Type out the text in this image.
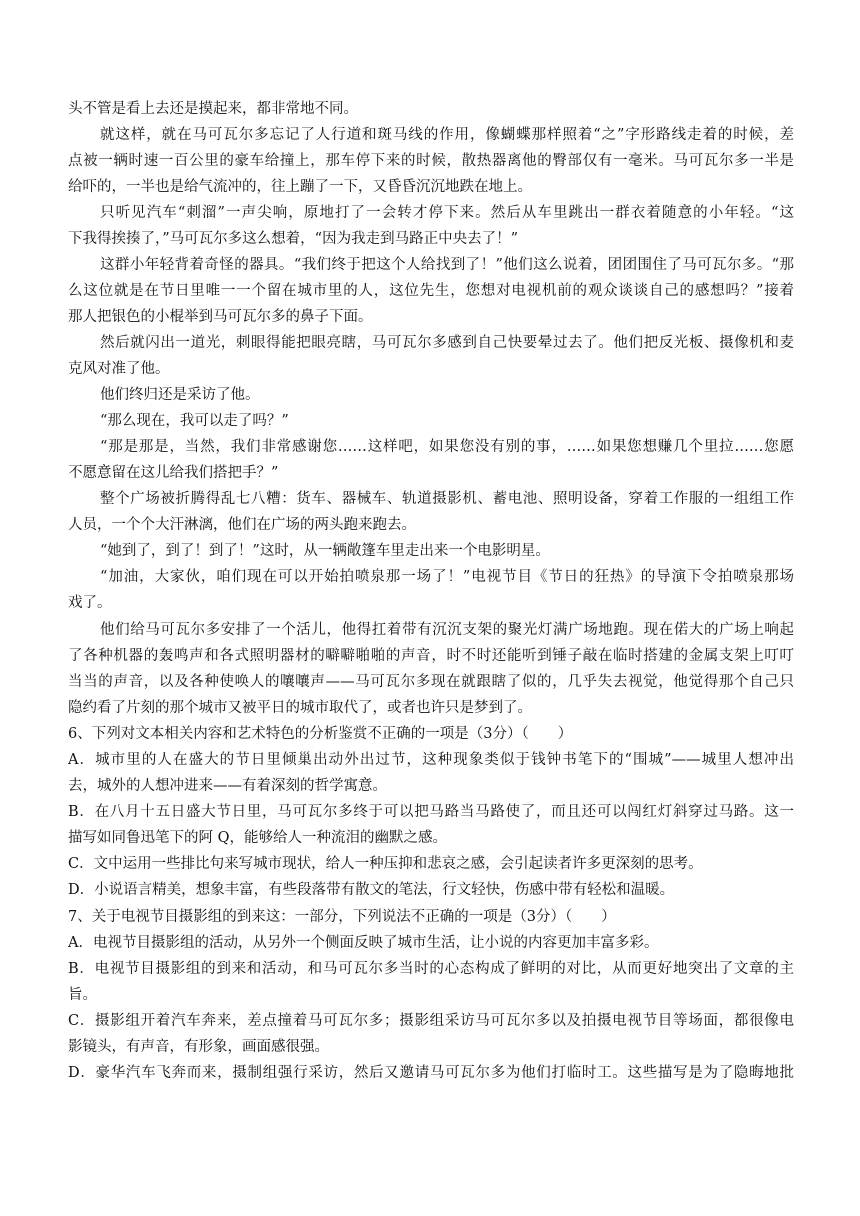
头不管是看上去还是摸起来，都非常地不同。
就这样，就在马可瓦尔多忘记了人行道和斑马线的作用，像蝴蝶那样照着“之”字形路线走着的时候，差
点被一辆时速一百公里的豪车给撞上，那车停下来的时候，散热器离他的臀部仅有一毫米。马可瓦尔多一半是
给吓的，一半也是给气流冲的，往上蹦了一下，又昏昏沉沉地跌在地上。
只听见汽车“刺溜”一声尖响，原地打了一会转才停下来。然后从车里跳出一群衣着随意的小年轻。“这
下我得挨揍了，”马可瓦尔多这么想着，“因为我走到马路正中央去了！”
这群小年轻背着奇怪的器具。“我们终于把这个人给找到了！”他们这么说着，团团围住了马可瓦尔多。“那
么这位就是在节日里唯一一个留在城市里的人，这位先生，您想对电视机前的观众谈谈自己的感想吗？”接着
那人把银色的小棍举到马可瓦尔多的鼻子下面。
然后就闪出一道光，刺眼得能把眼亮瞎，马可瓦尔多感到自己快要晕过去了。他们把反光板、摄像机和麦
克风对准了他。
他们终归还是采访了他。
“那么现在，我可以走了吗？”
“那是那是，当然，我们非常感谢您……这样吧，如果您没有别的事，……如果您想赚几个里拉……您愿
不愿意留在这儿给我们搭把手？”
整个广场被折腾得乱七八糟：货车、器械车、轨道摄影机、蓄电池、照明设备，穿着工作服的一组组工作
人员，一个个大汗淋漓，他们在广场的两头跑来跑去。
“她到了，到了！到了！”这时，从一辆敞篷车里走出来一个电影明星。
“加油，大家伙，咱们现在可以开始拍喷泉那一场了！”电视节目《节日的狂热》的导演下令拍喷泉那场
戏了。
他们给马可瓦尔多安排了一个活儿，他得扛着带有沉沉支架的聚光灯满广场地跑。现在偌大的广场上响起
了各种机器的轰鸣声和各式照明器材的噼噼啪啪的声音，时不时还能听到锤子敲在临时搭建的金属支架上叮叮
当当的声音，以及各种使唤人的嚷嚷声——马可瓦尔多现在就跟瞎了似的，几乎失去视觉，他觉得那个自己只
隐约看了片刻的那个城市又被平日的城市取代了，或者也许只是梦到了。
6、下列对文本相关内容和艺术特色的分析鉴赏不正确的一项是（3分）（　　）
A．城市里的人在盛大的节日里倾巢出动外出过节，这种现象类似于钱钟书笔下的“围城”——城里人想冲出
去，城外的人想冲进来——有着深刻的哲学寓意。
B．在八月十五日盛大节日里，马可瓦尔多终于可以把马路当马路使了，而且还可以闯红灯斜穿过马路。这一
描写如同鲁迅笔下的阿 Q，能够给人一种流泪的幽默之感。
C．文中运用一些排比句来写城市现状，给人一种压抑和悲哀之感，会引起读者许多更深刻的思考。
D．小说语言精美，想象丰富，有些段落带有散文的笔法，行文轻快，伤感中带有轻松和温暖。
7、关于电视节目摄影组的到来这：一部分，下列说法不正确的一项是（3分）（　　）
A．电视节目摄影组的活动，从另外一个侧面反映了城市生活，让小说的内容更加丰富多彩。
B．电视节目摄影组的到来和活动，和马可瓦尔多当时的心态构成了鲜明的对比，从而更好地突出了文章的主
旨。
C．摄影组开着汽车奔来，差点撞着马可瓦尔多；摄影组采访马可瓦尔多以及拍摄电视节目等场面，都很像电
影镜头，有声音，有形象，画面感很强。
D．豪华汽车飞奔而来，摄制组强行采访，然后又邀请马可瓦尔多为他们打临时工。这些描写是为了隐晦地批
